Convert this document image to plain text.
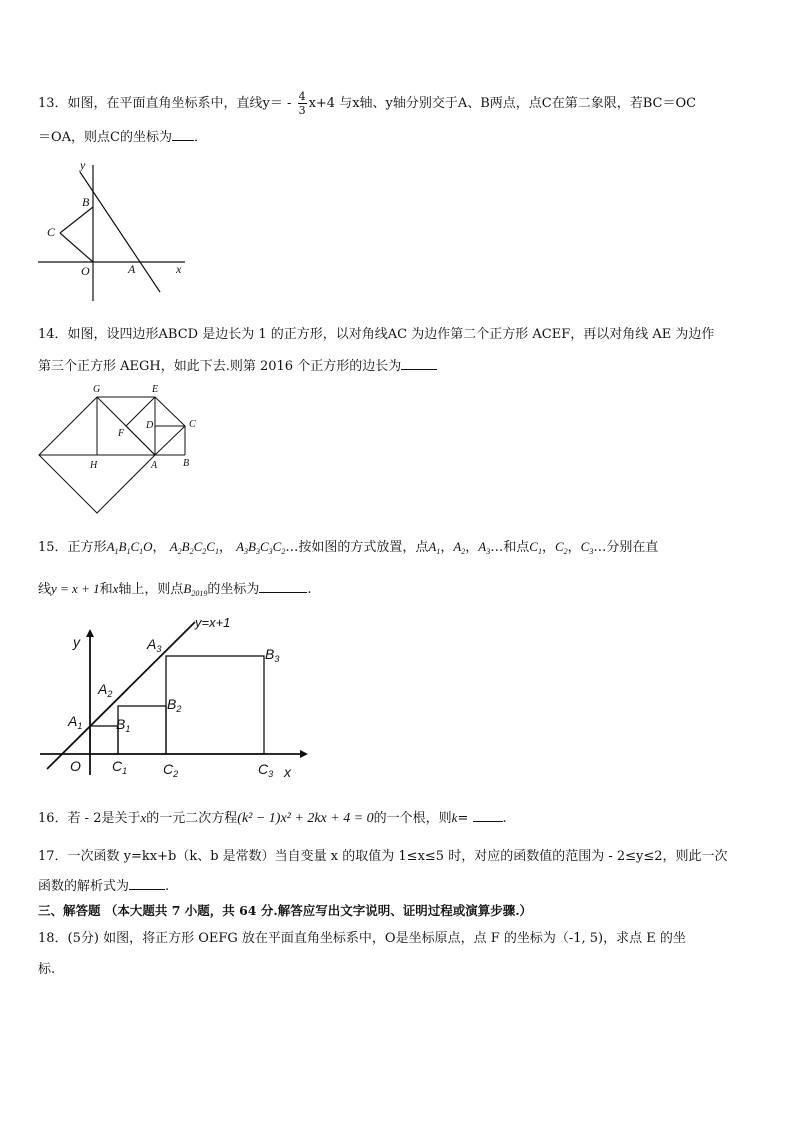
13．如图，在平面直角坐标系中，直线$y= - \frac{4}{3} x+4$ 与x轴、y轴分别交于A、B两点，点C在第二象限，若BC＝OC
＝OA，则点C的坐标为 ．
y
x
B
C
O	A
14．如图，设四边形ABCD 是边长为 1 的正方形，以对角线AC 为边作第二个正方形 ACEF，再以对角线 AE 为边作
第三个正方形 AEGH，如此下去.则第 2016 个正方形的边长为
G	E
C
D
F
H	A	B
15．正方形$A_1B_1C_1O$， $A_2B_2C_2C_1$， $A_3B_3C_3C_2\dots$按如图的方式放置，点$A_1$，$A_2$，$A_3\dots$和点$C_1$，$C_2$，$C_3\dots$分别在直
线y = x + 1和x轴上，则点$B_{2019}$的坐标为	.
y=x+1
y
x
O
$A_1$
$A_2$
$A_3$
$B_1$
$B_2$
$B_3$
$C_1$	$C_2$	$C_3$
16．若 - 2是关于x的一元二次方程(k² − 1)x² + 2kx + 4 = 0的一个根，则k=	.
17．一次函数 y=kx+b（k、b 是常数）当自变量 x 的取值为 1≤x≤5 时，对应的函数值的范围为 - 2≤y≤2，则此一次
函数的解析式为	.
三、解答题 （本大题共 7 小题，共 64 分.解答应写出文字说明、证明过程或演算步骤.）
18．(5分) 如图，将正方形 OEFG 放在平面直角坐标系中，O是坐标原点，点 F 的坐标为（-1, 5)，求点 E 的坐
标.
